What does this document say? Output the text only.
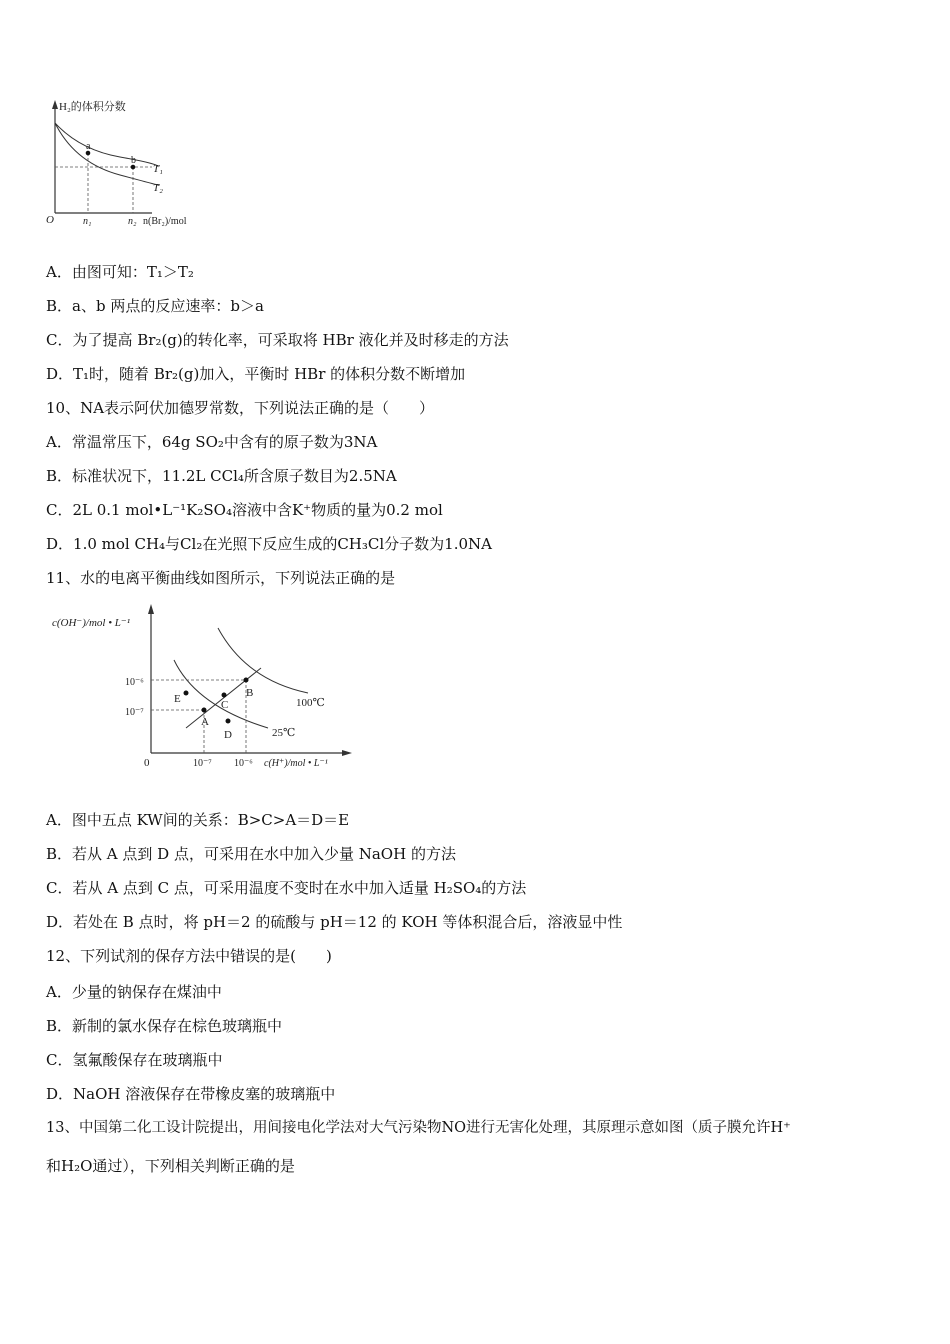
H₂的体积分数
a
b
T₁
T₂
O	n₁	n₂ n(Br₂)/mol
A．由图可知：T₁＞T₂
B．a、b 两点的反应速率：b＞a
C．为了提高 Br₂(g)的转化率，可采取将 HBr 液化并及时移走的方法
D．T₁时，随着 Br₂(g)加入，平衡时 HBr 的体积分数不断增加
10、NA表示阿伏加德罗常数，下列说法正确的是（　　）
A．常温常压下，64g SO₂中含有的原子数为3NA
B．标准状况下，11.2L CCl₄所含原子数目为2.5NA
C．2L 0.1 mol•L⁻¹K₂SO₄溶液中含K⁺物质的量为0.2 mol
D．1.0 mol CH₄与Cl₂在光照下反应生成的CH₃Cl分子数为1.0NA
11、水的电离平衡曲线如图所示，下列说法正确的是
c(OH⁻)/mol • L⁻¹
10⁻⁶
10⁻⁷
E
A
C
B
D
100℃
25℃
0	10⁻⁷ 10⁻⁶ c(H⁺)/mol • L⁻¹
A．图中五点 KW间的关系：B>C>A＝D＝E
B．若从 A 点到 D 点，可采用在水中加入少量 NaOH 的方法
C．若从 A 点到 C 点，可采用温度不变时在水中加入适量 H₂SO₄的方法
D．若处在 B 点时，将 pH＝2 的硫酸与 pH＝12 的 KOH 等体积混合后，溶液显中性
12、下列试剂的保存方法中错误的是(　　)
A．少量的钠保存在煤油中
B．新制的氯水保存在棕色玻璃瓶中
C．氢氟酸保存在玻璃瓶中
D．NaOH 溶液保存在带橡皮塞的玻璃瓶中
13、中国第二化工设计院提出，用间接电化学法对大气污染物NO进行无害化处理，其原理示意如图（质子膜允许H⁺
和H₂O通过），下列相关判断正确的是
